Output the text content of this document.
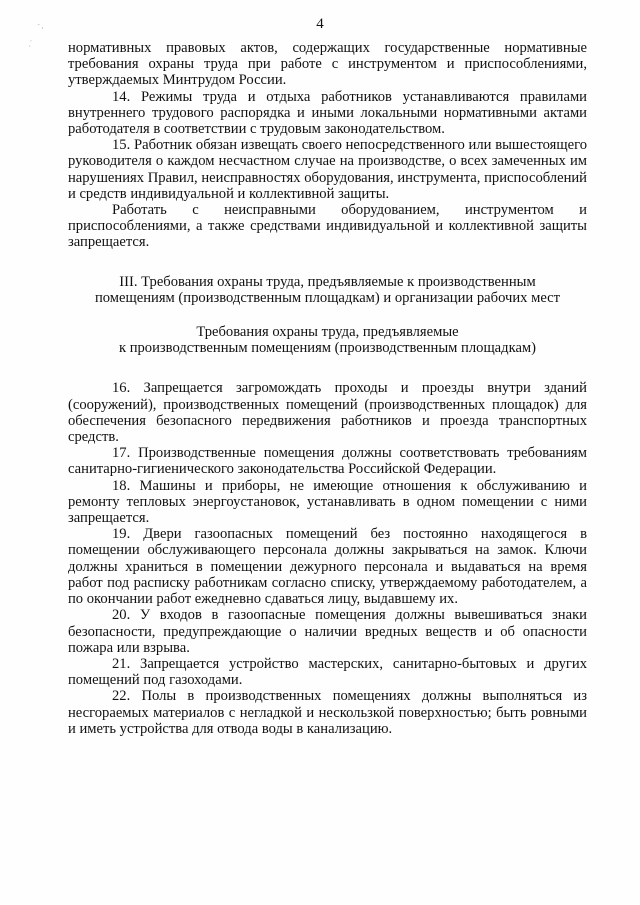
ˏ ˎ
.˙
4

нормативных правовых актов, содержащих государственные нормативные требования охраны труда при работе с инструментом и приспособлениями, утверждаемых Минтрудом России.

14. Режимы труда и отдыха работников устанавливаются правилами внутреннего трудового распорядка и иными локальными нормативными актами работодателя в соответствии с трудовым законодательством.

15. Работник обязан извещать своего непосредственного или вышестоящего руководителя о каждом несчастном случае на производстве, о всех замеченных им нарушениях Правил, неисправностях оборудования, инструмента, приспособлений и средств индивидуальной и коллективной защиты.

Работать с неисправными оборудованием, инструментом и приспособлениями, а также средствами индивидуальной и коллективной защиты запрещается.

III. Требования охраны труда, предъявляемые к производственным
помещениям (производственным площадкам) и организации рабочих мест
Требования охраны труда, предъявляемые
к производственным помещениям (производственным площадкам)

16. Запрещается загромождать проходы и проезды внутри зданий (сооружений), производственных помещений (производственных площадок) для обеспечения безопасного передвижения работников и проезда транспортных средств.

17. Производственные помещения должны соответствовать требованиям санитарно-гигиенического законодательства Российской Федерации.

18. Машины и приборы, не имеющие отношения к обслуживанию и ремонту тепловых энергоустановок, устанавливать в одном помещении с ними запрещается.

19. Двери газоопасных помещений без постоянно находящегося в помещении обслуживающего персонала должны закрываться на замок. Ключи должны храниться в помещении дежурного персонала и выдаваться на время работ под расписку работникам согласно списку, утверждаемому работодателем, а по окончании работ ежедневно сдаваться лицу, выдавшему их.

20. У входов в газоопасные помещения должны вывешиваться знаки безопасности, предупреждающие о наличии вредных веществ и об опасности пожара или взрыва.

21. Запрещается устройство мастерских, санитарно-бытовых и других помещений под газоходами.

22. Полы в производственных помещениях должны выполняться из несгораемых материалов с негладкой и нескользкой поверхностью; быть ровными и иметь устройства для отвода воды в канализацию.
